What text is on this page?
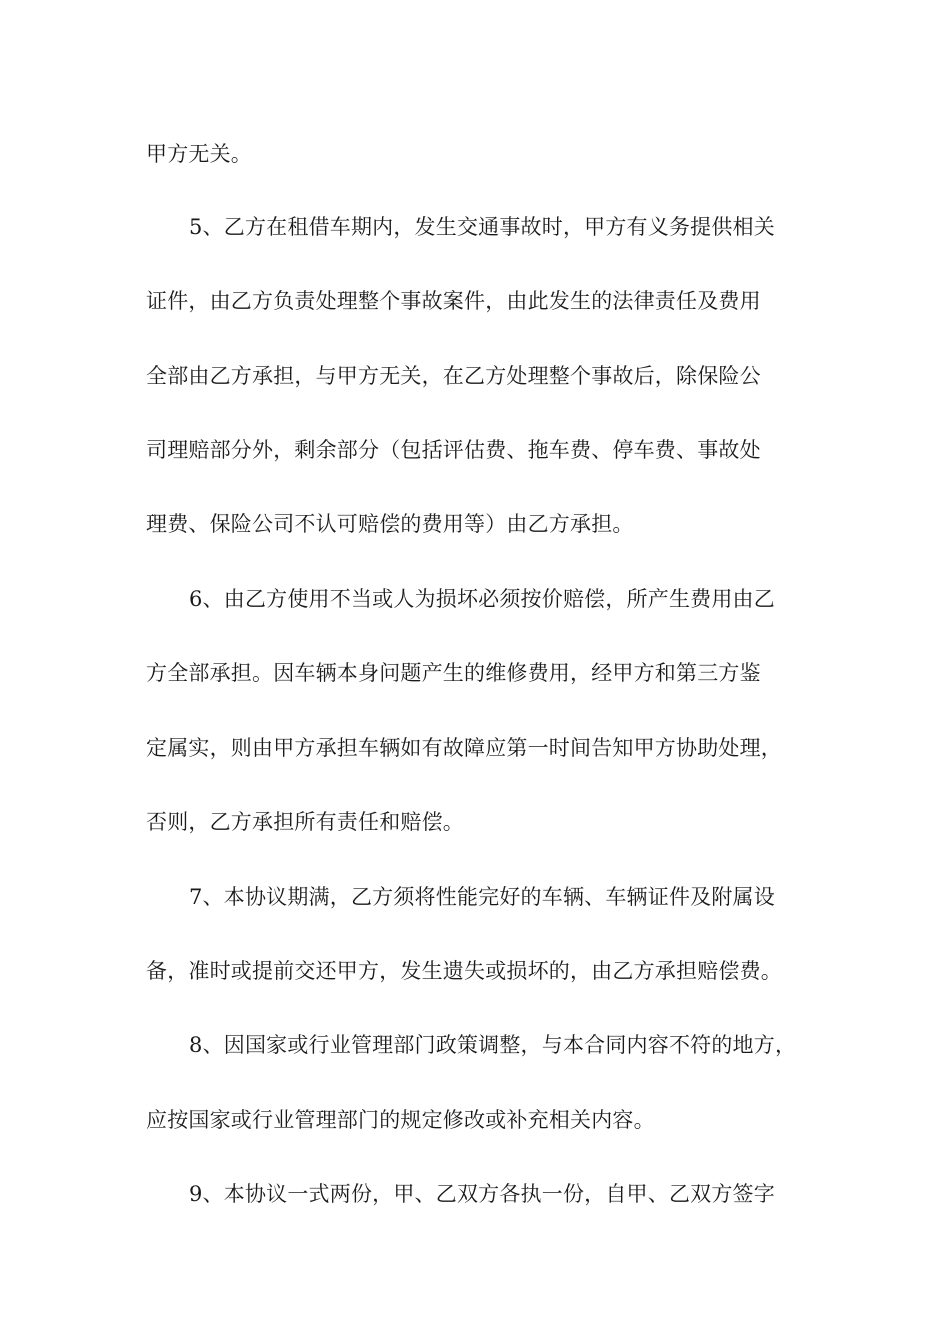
甲方无关。
5、乙方在租借车期内，发生交通事故时，甲方有义务提供相关
证件，由乙方负责处理整个事故案件，由此发生的法律责任及费用
全部由乙方承担，与甲方无关，在乙方处理整个事故后，除保险公
司理赔部分外，剩余部分（包括评估费、拖车费、停车费、事故处
理费、保险公司不认可赔偿的费用等）由乙方承担。
6、由乙方使用不当或人为损坏必须按价赔偿，所产生费用由乙
方全部承担。因车辆本身问题产生的维修费用，经甲方和第三方鉴
定属实，则由甲方承担车辆如有故障应第一时间告知甲方协助处理，
否则，乙方承担所有责任和赔偿。
7、本协议期满，乙方须将性能完好的车辆、车辆证件及附属设
备，准时或提前交还甲方，发生遗失或损坏的，由乙方承担赔偿费。
8、因国家或行业管理部门政策调整，与本合同内容不符的地方，
应按国家或行业管理部门的规定修改或补充相关内容。
9、本协议一式两份，甲、乙双方各执一份，自甲、乙双方签字
